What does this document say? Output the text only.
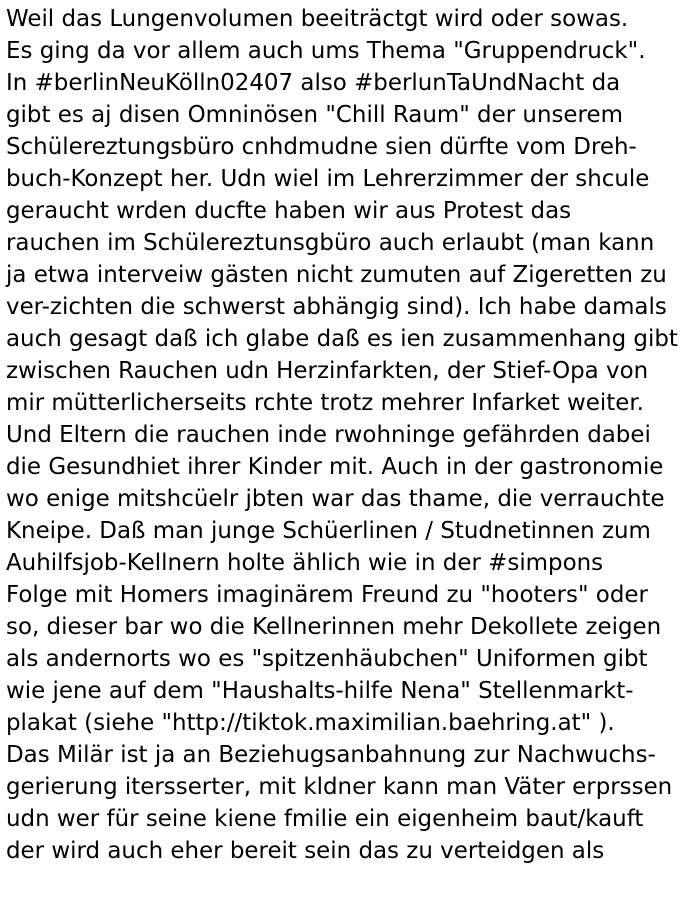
Weil das Lungenvolumen beeiträctgt wird oder sowas.
Es ging da vor allem auch ums Thema "Gruppendruck".
In #berlinNeuKölln02407 also #berlunTaUndNacht da
gibt es aj disen Omninösen "Chill Raum" der unserem
Schülereztungsbüro cnhdmudne sien dürfte vom Dreh-
buch-Konzept her. Udn wiel im Lehrerzimmer der shcule
geraucht wrden ducfte haben wir aus Protest das
rauchen im Schülereztunsgbüro auch erlaubt (man kann
ja etwa interveiw gästen nicht zumuten auf Zigeretten zu
ver-zichten die schwerst abhängig sind). Ich habe damals
auch gesagt daß ich glabe daß es ien zusammenhang gibt
zwischen Rauchen udn Herzinfarkten, der Stief-Opa von
mir mütterlicherseits rchte trotz mehrer Infarket weiter.
Und Eltern die rauchen inde rwohninge gefährden dabei
die Gesundhiet ihrer Kinder mit. Auch in der gastronomie
wo enige mitshcüelr jbten war das thame, die verrauchte
Kneipe. Daß man junge Schüerlinen / Studnetinnen zum
Auhilfsjob-Kellnern holte ählich wie in der #simpons
Folge mit Homers imaginärem Freund zu "hooters" oder
so, dieser bar wo die Kellnerinnen mehr Dekollete zeigen
als andernorts wo es "spitzenhäubchen" Uniformen gibt
wie jene auf dem "Haushalts-hilfe Nena" Stellenmarkt-
plakat (siehe "http://tiktok.maximilian.baehring.at" ).
Das Milär ist ja an Beziehugsanbahnung zur Nachwuchs-
gerierung itersserter, mit kldner kann man Väter erprssen
udn wer für seine kiene fmilie ein eigenheim baut/kauft
der wird auch eher bereit sein das zu verteidgen als
